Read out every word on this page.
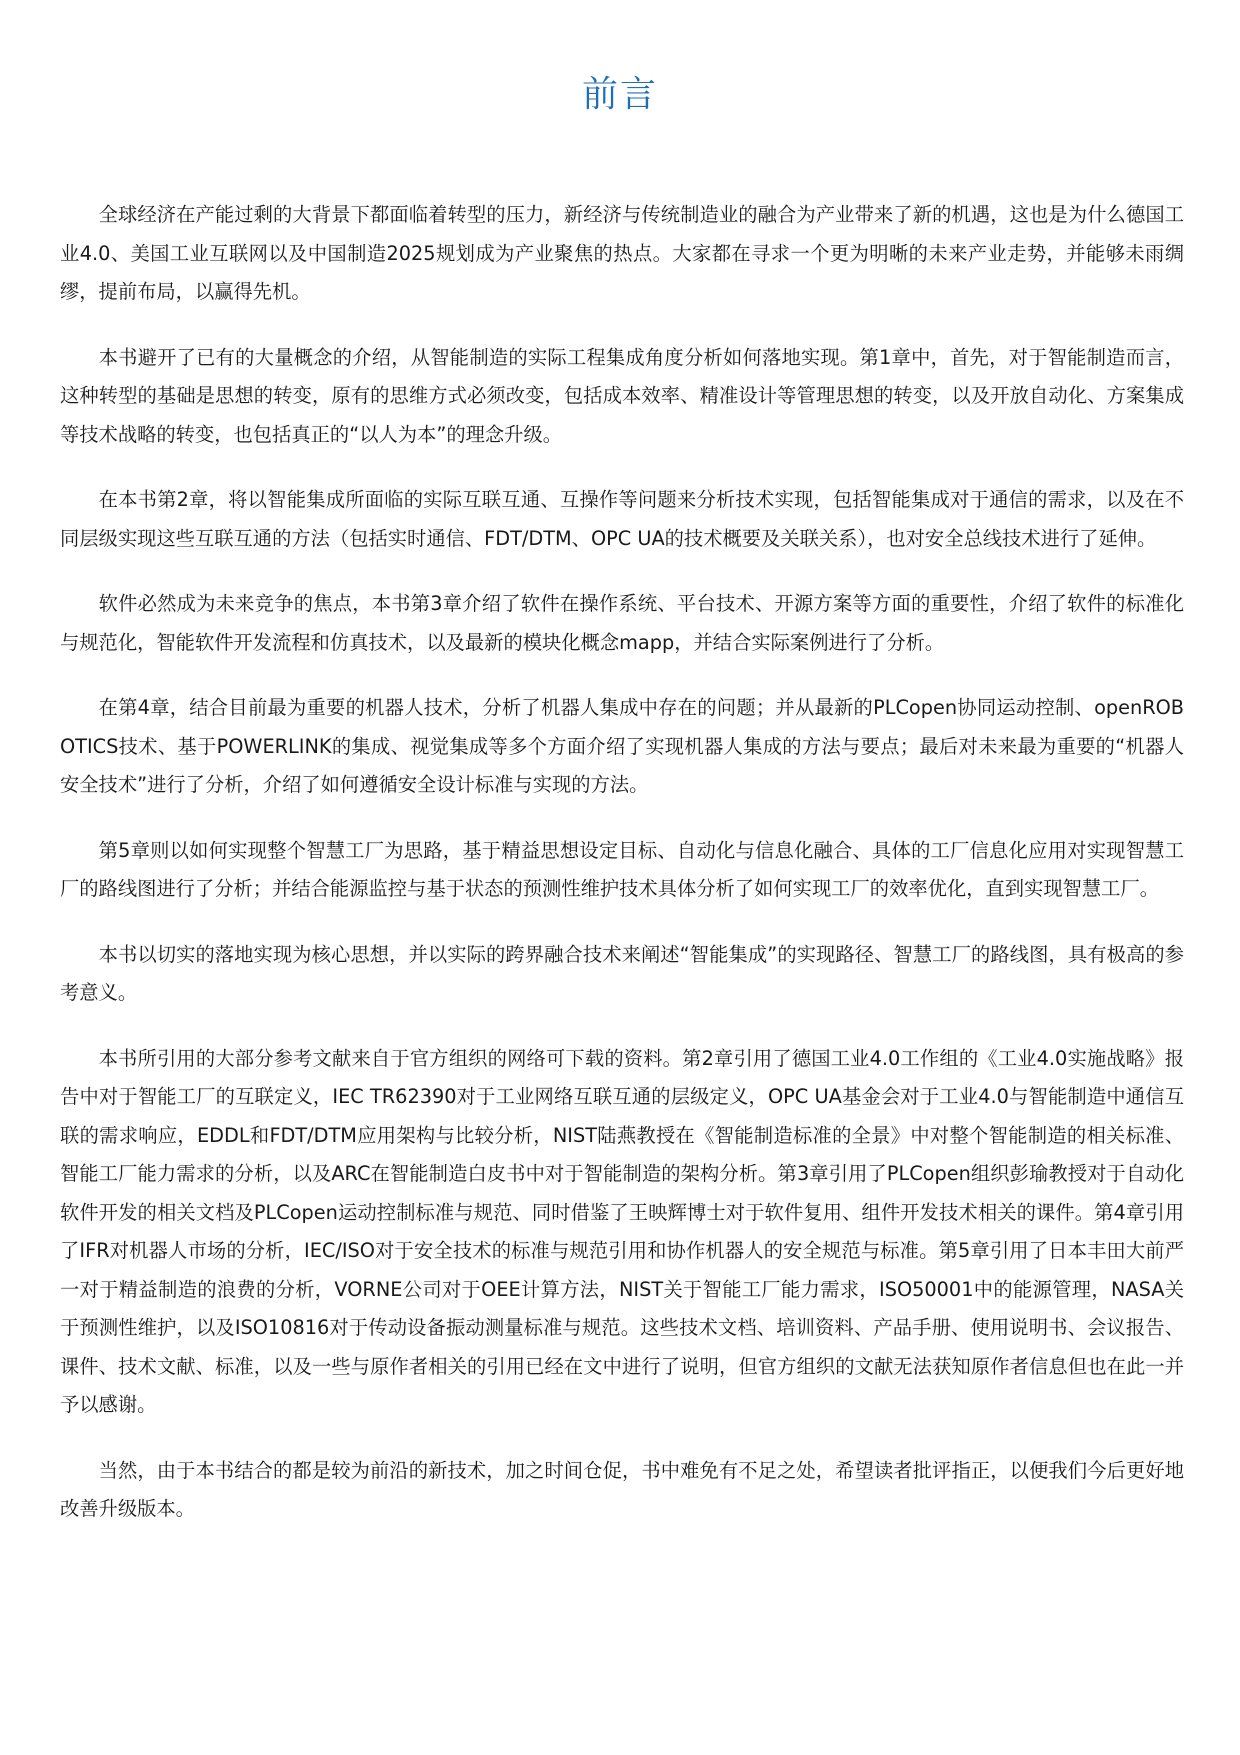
前言

全球经济在产能过剩的大背景下都面临着转型的压力，新经济与传统制造业的融合为产业带来了新的机遇，这也是为什么德国工业4.0、美国工业互联网以及中国制造2025规划成为产业聚焦的热点。大家都在寻求一个更为明晰的未来产业走势，并能够未雨绸缪，提前布局，以赢得先机。

本书避开了已有的大量概念的介绍，从智能制造的实际工程集成角度分析如何落地实现。第1章中，首先，对于智能制造而言，这种转型的基础是思想的转变，原有的思维方式必须改变，包括成本效率、精准设计等管理思想的转变，以及开放自动化、方案集成等技术战略的转变，也包括真正的“以人为本”的理念升级。

在本书第2章，将以智能集成所面临的实际互联互通、互操作等问题来分析技术实现，包括智能集成对于通信的需求，以及在不同层级实现这些互联互通的方法（包括实时通信、FDT/DTM、OPC UA的技术概要及关联关系），也对安全总线技术进行了延伸。

软件必然成为未来竞争的焦点，本书第3章介绍了软件在操作系统、平台技术、开源方案等方面的重要性，介绍了软件的标准化与规范化，智能软件开发流程和仿真技术，以及最新的模块化概念mapp，并结合实际案例进行了分析。

在第4章，结合目前最为重要的机器人技术，分析了机器人集成中存在的问题；并从最新的PLCopen协同运动控制、openROBOTICS技术、基于POWERLINK的集成、视觉集成等多个方面介绍了实现机器人集成的方法与要点；最后对未来最为重要的“机器人安全技术”进行了分析，介绍了如何遵循安全设计标准与实现的方法。

第5章则以如何实现整个智慧工厂为思路，基于精益思想设定目标、自动化与信息化融合、具体的工厂信息化应用对实现智慧工厂的路线图进行了分析；并结合能源监控与基于状态的预测性维护技术具体分析了如何实现工厂的效率优化，直到实现智慧工厂。

本书以切实的落地实现为核心思想，并以实际的跨界融合技术来阐述“智能集成”的实现路径、智慧工厂的路线图，具有极高的参考意义。

本书所引用的大部分参考文献来自于官方组织的网络可下载的资料。第2章引用了德国工业4.0工作组的《工业4.0实施战略》报告中对于智能工厂的互联定义，IEC TR62390对于工业网络互联互通的层级定义，OPC UA基金会对于工业4.0与智能制造中通信互联的需求响应，EDDL和FDT/DTM应用架构与比较分析，NIST陆燕教授在《智能制造标准的全景》中对整个智能制造的相关标准、智能工厂能力需求的分析，以及ARC在智能制造白皮书中对于智能制造的架构分析。第3章引用了PLCopen组织彭瑜教授对于自动化软件开发的相关文档及PLCopen运动控制标准与规范、同时借鉴了王映辉博士对于软件复用、组件开发技术相关的课件。第4章引用了IFR对机器人市场的分析，IEC/ISO对于安全技术的标准与规范引用和协作机器人的安全规范与标准。第5章引用了日本丰田大前严一对于精益制造的浪费的分析，VORNE公司对于OEE计算方法，NIST关于智能工厂能力需求，ISO50001中的能源管理，NASA关于预测性维护，以及ISO10816对于传动设备振动测量标准与规范。这些技术文档、培训资料、产品手册、使用说明书、会议报告、课件、技术文献、标准，以及一些与原作者相关的引用已经在文中进行了说明，但官方组织的文献无法获知原作者信息但也在此一并予以感谢。

当然，由于本书结合的都是较为前沿的新技术，加之时间仓促，书中难免有不足之处，希望读者批评指正，以便我们今后更好地改善升级版本。
